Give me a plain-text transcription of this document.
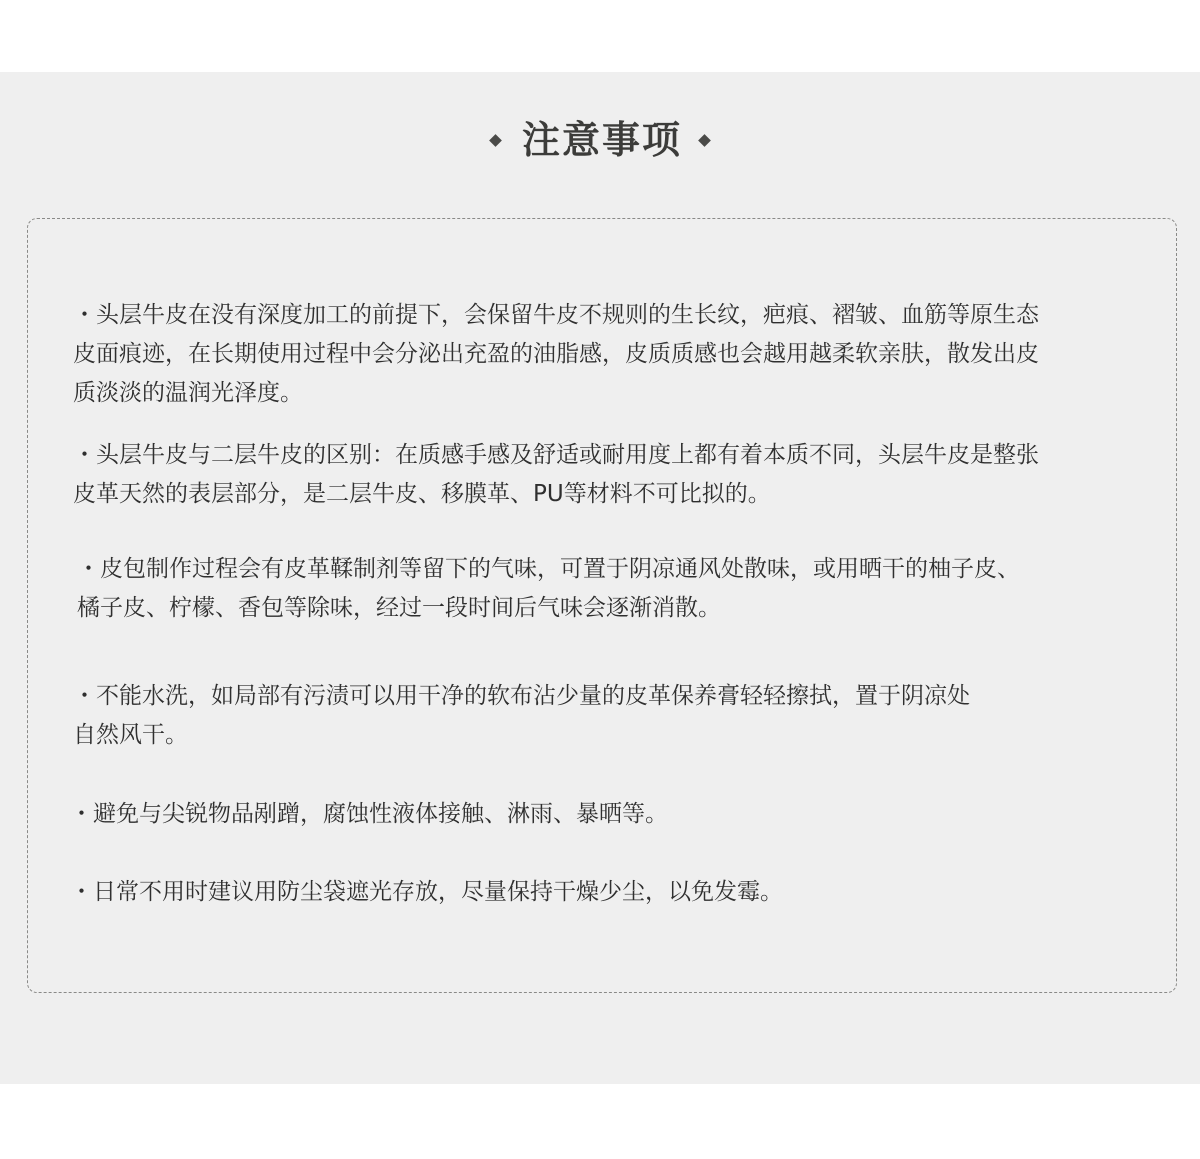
注意事项

・头层牛皮在没有深度加工的前提下，会保留牛皮不规则的生长纹，疤痕、褶皱、血筋等原生态
皮面痕迹，在长期使用过程中会分泌出充盈的油脂感，皮质质感也会越用越柔软亲肤，散发出皮
质淡淡的温润光泽度。

・头层牛皮与二层牛皮的区别：在质感手感及舒适或耐用度上都有着本质不同，头层牛皮是整张
皮革天然的表层部分，是二层牛皮、移膜革、PU等材料不可比拟的。

・皮包制作过程会有皮革鞣制剂等留下的气味，可置于阴凉通风处散味，或用晒干的柚子皮、
橘子皮、柠檬、香包等除味，经过一段时间后气味会逐渐消散。

・不能水洗，如局部有污渍可以用干净的软布沾少量的皮革保养膏轻轻擦拭，置于阴凉处
自然风干。

・避免与尖锐物品剐蹭，腐蚀性液体接触、淋雨、暴晒等。

・日常不用时建议用防尘袋遮光存放，尽量保持干燥少尘，以免发霉。
